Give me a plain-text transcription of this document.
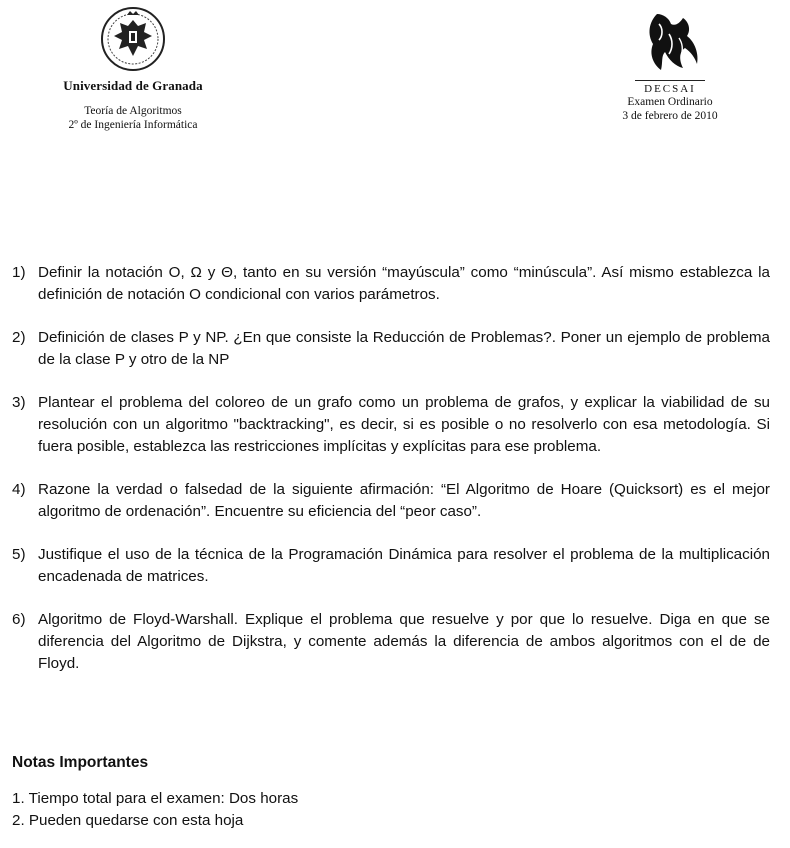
Universidad de Granada
Teoría de Algoritmos
2º de Ingeniería Informática
DECSAI
Examen Ordinario
3 de febrero de 2010
1) Definir la notación O, Ω y Θ, tanto en su versión “mayúscula” como “minúscula”. Así mismo establezca la definición de notación O condicional con varios parámetros.
2) Definición de clases P y NP. ¿En que consiste la Reducción de Problemas?. Poner un ejemplo de problema de la clase P y otro de la NP
3) Plantear el problema del coloreo de un grafo como un problema de grafos, y explicar la viabilidad de su resolución con un algoritmo "backtracking", es decir, si es posible o no resolverlo con esa metodología. Si fuera posible, establezca las restricciones implícitas y explícitas para ese problema.
4) Razone la verdad o falsedad de la siguiente afirmación: “El Algoritmo de Hoare (Quicksort) es el mejor algoritmo de ordenación”. Encuentre su eficiencia del “peor caso”.
5) Justifique el uso de la técnica de la Programación Dinámica para resolver el problema de la multiplicación encadenada de matrices.
6) Algoritmo de Floyd-Warshall. Explique el problema que resuelve y por que lo resuelve. Diga en que se diferencia del Algoritmo de Dijkstra, y comente además la diferencia de ambos algoritmos con el de de Floyd.
Notas Importantes
1. Tiempo total para el examen: Dos horas
2. Pueden quedarse con esta hoja
